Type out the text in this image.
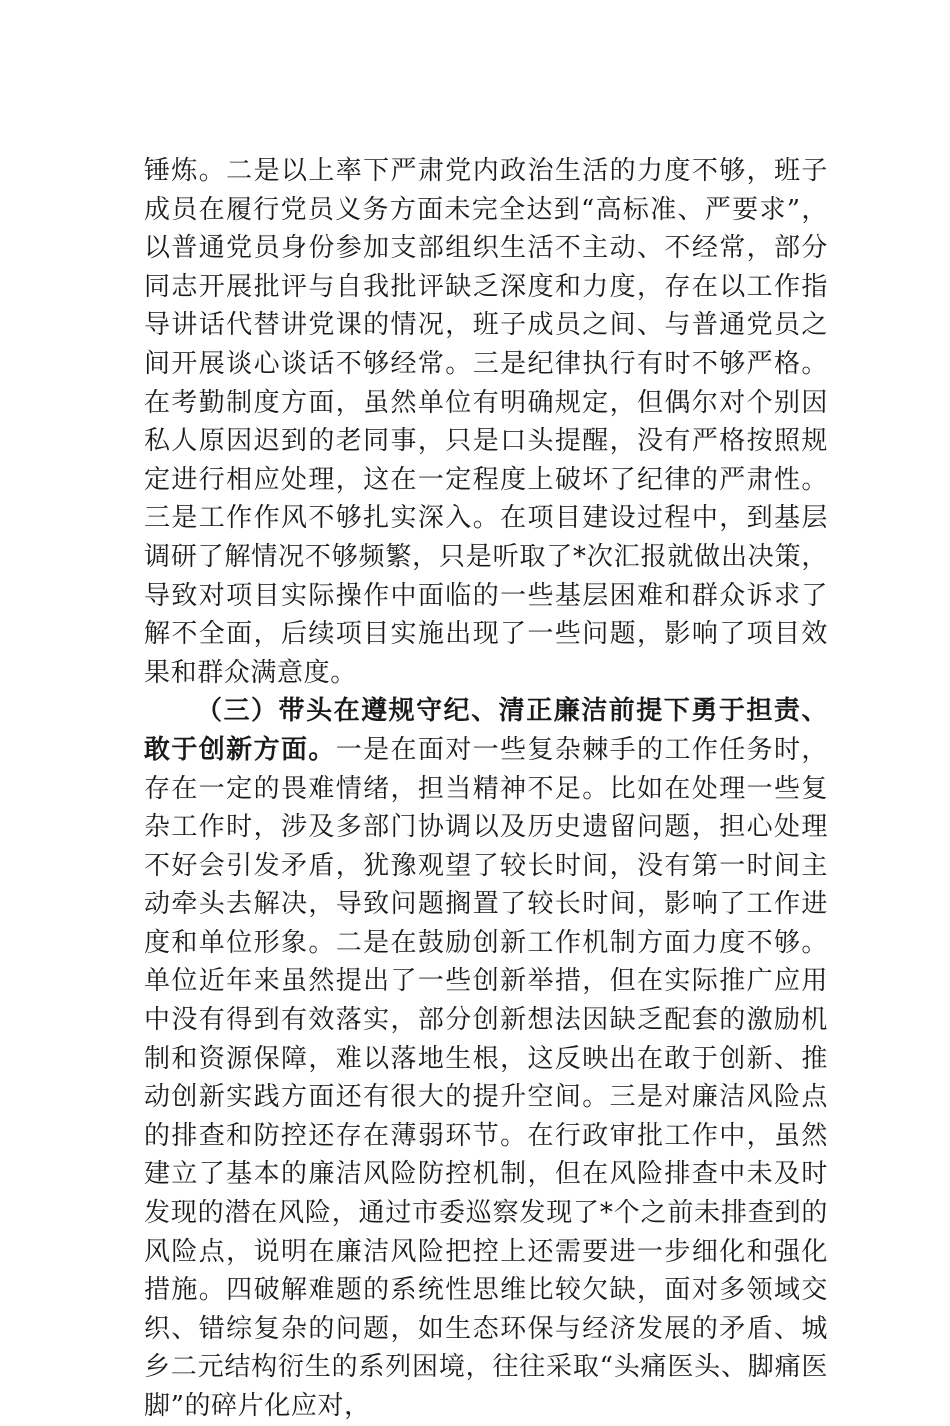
锤炼。二是以上率下严肃党内政治生活的力度不够，班子成员在履行党员义务方面未完全达到“高标准、严要求”，以普通党员身份参加支部组织生活不主动、不经常，部分同志开展批评与自我批评缺乏深度和力度，存在以工作指导讲话代替讲党课的情况，班子成员之间、与普通党员之间开展谈心谈话不够经常。三是纪律执行有时不够严格。在考勤制度方面，虽然单位有明确规定，但偶尔对个别因私人原因迟到的老同事，只是口头提醒，没有严格按照规定进行相应处理，这在一定程度上破坏了纪律的严肃性。三是工作作风不够扎实深入。在项目建设过程中，到基层调研了解情况不够频繁，只是听取了*次汇报就做出决策，导致对项目实际操作中面临的一些基层困难和群众诉求了解不全面，后续项目实施出现了一些问题，影响了项目效果和群众满意度。

（三）带头在遵规守纪、清正廉洁前提下勇于担责、敢于创新方面。一是在面对一些复杂棘手的工作任务时，存在一定的畏难情绪，担当精神不足。比如在处理一些复杂工作时，涉及多部门协调以及历史遗留问题，担心处理不好会引发矛盾，犹豫观望了较长时间，没有第一时间主动牵头去解决，导致问题搁置了较长时间，影响了工作进度和单位形象。二是在鼓励创新工作机制方面力度不够。单位近年来虽然提出了一些创新举措，但在实际推广应用中没有得到有效落实，部分创新想法因缺乏配套的激励机制和资源保障，难以落地生根，这反映出在敢于创新、推动创新实践方面还有很大的提升空间。三是对廉洁风险点的排查和防控还存在薄弱环节。在行政审批工作中，虽然建立了基本的廉洁风险防控机制，但在风险排查中未及时发现的潜在风险，通过市委巡察发现了*个之前未排查到的风险点，说明在廉洁风险把控上还需要进一步细化和强化措施。四破解难题的系统性思维比较欠缺，面对多领域交织、错综复杂的问题，如生态环保与经济发展的矛盾、城乡二元结构衍生的系列困境，往往采取“头痛医头、脚痛医脚”的碎片化应对，
